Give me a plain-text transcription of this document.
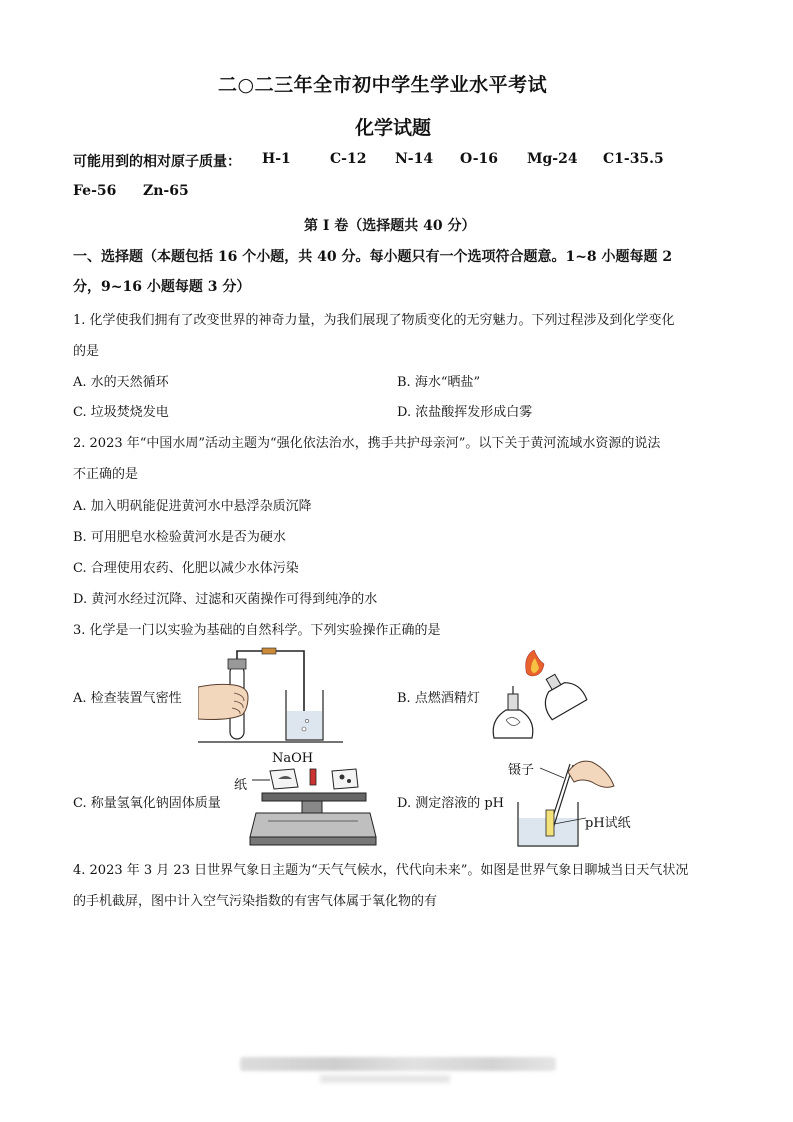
二○二三年全市初中学生学业水平考试
化学试题
可能用到的相对原子质量： H-1	C-12 N-14 O-16 Mg-24 C1-35.5
Fe-56 Zn-65
第 I 卷（选择题共 40 分）
一、选择题（本题包括 16 个小题，共 40 分。每小题只有一个选项符合题意。1~8 小题每题 2
分，9~16 小题每题 3 分）
1. 化学使我们拥有了改变世界的神奇力量，为我们展现了物质变化的无穷魅力。下列过程涉及到化学变化
的是
A. 水的天然循环	B. 海水“晒盐”
C. 垃圾焚烧发电	D. 浓盐酸挥发形成白雾
2. 2023 年“中国水周”活动主题为“强化依法治水，携手共护母亲河”。以下关于黄河流域水资源的说法
不正确的是
A. 加入明矾能促进黄河水中悬浮杂质沉降
B. 可用肥皂水检验黄河水是否为硬水
C. 合理使用农药、化肥以减少水体污染
D. 黄河水经过沉降、过滤和灭菌操作可得到纯净的水
3. 化学是一门以实验为基础的自然科学。下列实验操作正确的是
A. 检查装置气密性	B. 点燃酒精灯
C. 称量氢氧化钠固体质量	D. 测定溶液的 pH
NaOH
纸
镊子
pH试纸
4. 2023 年 3 月 23 日世界气象日主题为“天气气候水，代代向未来”。如图是世界气象日聊城当日天气状况
的手机截屏，图中计入空气污染指数的有害气体属于氧化物的有
